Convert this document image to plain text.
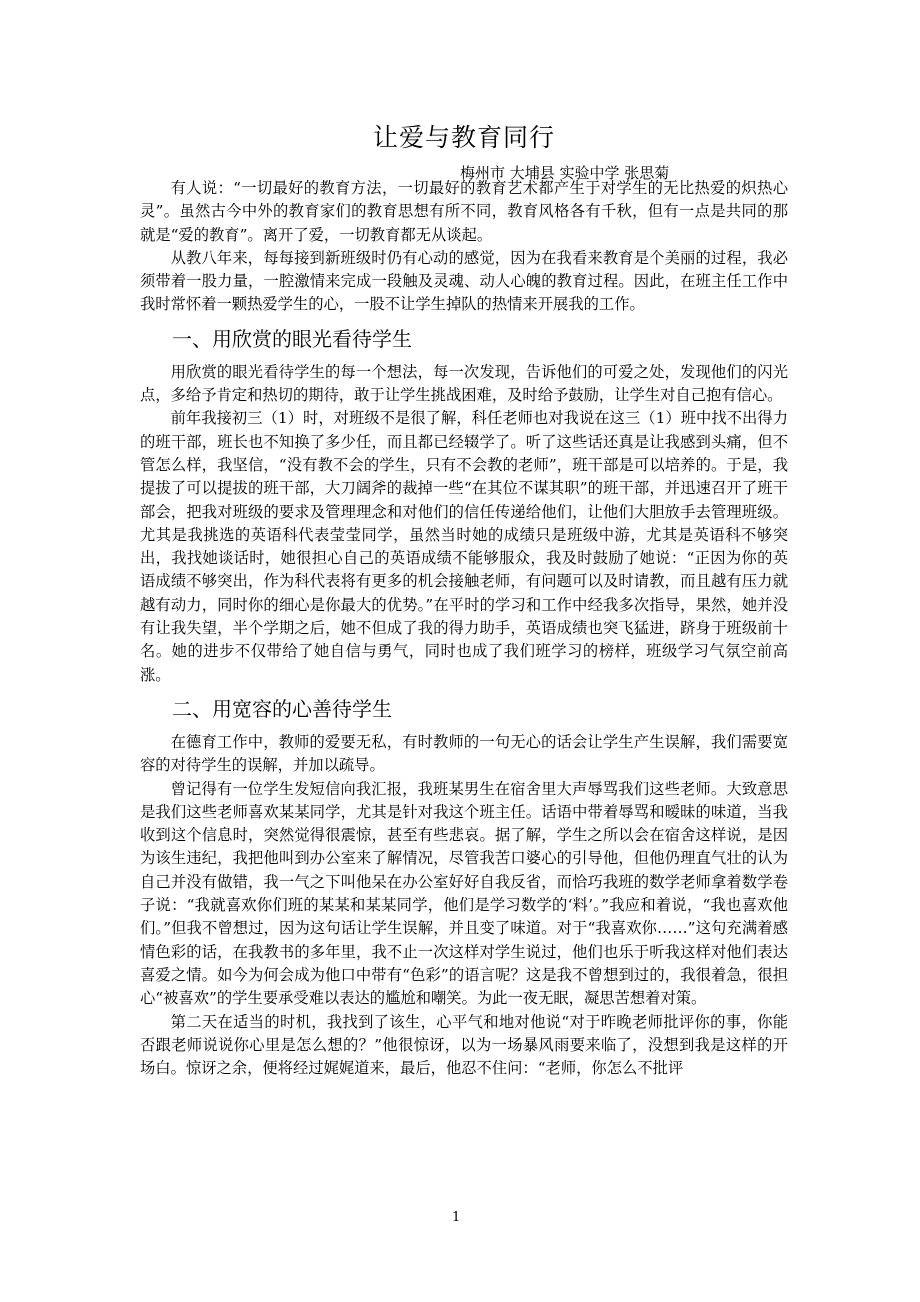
让爱与教育同行
梅州市 大埔县 实验中学 张思菊

有人说：“一切最好的教育方法，一切最好的教育艺术都产生于对学生的无比热爱的炽热心灵”。虽然古今中外的教育家们的教育思想有所不同，教育风格各有千秋，但有一点是共同的那就是“爱的教育”。离开了爱，一切教育都无从谈起。

从教八年来，每每接到新班级时仍有心动的感觉，因为在我看来教育是个美丽的过程，我必须带着一股力量，一腔激情来完成一段触及灵魂、动人心魄的教育过程。因此，在班主任工作中我时常怀着一颗热爱学生的心，一股不让学生掉队的热情来开展我的工作。

一、用欣赏的眼光看待学生

用欣赏的眼光看待学生的每一个想法，每一次发现，告诉他们的可爱之处，发现他们的闪光点，多给予肯定和热切的期待，敢于让学生挑战困难，及时给予鼓励，让学生对自己抱有信心。

前年我接初三（1）时，对班级不是很了解，科任老师也对我说在这三（1）班中找不出得力的班干部，班长也不知换了多少任，而且都已经辍学了。听了这些话还真是让我感到头痛，但不管怎么样，我坚信，“没有教不会的学生，只有不会教的老师”，班干部是可以培养的。于是，我提拔了可以提拔的班干部，大刀阔斧的裁掉一些“在其位不谋其职”的班干部，并迅速召开了班干部会，把我对班级的要求及管理理念和对他们的信任传递给他们，让他们大胆放手去管理班级。尤其是我挑选的英语科代表莹莹同学，虽然当时她的成绩只是班级中游，尤其是英语科不够突出，我找她谈话时，她很担心自己的英语成绩不能够服众，我及时鼓励了她说：“正因为你的英语成绩不够突出，作为科代表将有更多的机会接触老师，有问题可以及时请教，而且越有压力就越有动力，同时你的细心是你最大的优势。”在平时的学习和工作中经我多次指导，果然，她并没有让我失望，半个学期之后，她不但成了我的得力助手，英语成绩也突飞猛进，跻身于班级前十名。她的进步不仅带给了她自信与勇气，同时也成了我们班学习的榜样，班级学习气氛空前高涨。

二、用宽容的心善待学生

在德育工作中，教师的爱要无私，有时教师的一句无心的话会让学生产生误解，我们需要宽容的对待学生的误解，并加以疏导。

曾记得有一位学生发短信向我汇报，我班某男生在宿舍里大声辱骂我们这些老师。大致意思是我们这些老师喜欢某某同学，尤其是针对我这个班主任。话语中带着辱骂和暧昧的味道，当我收到这个信息时，突然觉得很震惊，甚至有些悲哀。据了解，学生之所以会在宿舍这样说，是因为该生违纪，我把他叫到办公室来了解情况，尽管我苦口婆心的引导他，但他仍理直气壮的认为自己并没有做错，我一气之下叫他呆在办公室好好自我反省，而恰巧我班的数学老师拿着数学卷子说：“我就喜欢你们班的某某和某某同学，他们是学习数学的‘料’。”我应和着说，“我也喜欢他们。”但我不曾想过，因为这句话让学生误解，并且变了味道。对于“我喜欢你……”这句充满着感情色彩的话，在我教书的多年里，我不止一次这样对学生说过，他们也乐于听我这样对他们表达喜爱之情。如今为何会成为他口中带有“色彩”的语言呢？这是我不曾想到过的，我很着急，很担心“被喜欢”的学生要承受难以表达的尴尬和嘲笑。为此一夜无眠，凝思苦想着对策。

第二天在适当的时机，我找到了该生，心平气和地对他说“对于昨晚老师批评你的事，你能否跟老师说说你心里是怎么想的？”他很惊讶，以为一场暴风雨要来临了，没想到我是这样的开场白。惊讶之余，便将经过娓娓道来，最后，他忍不住问：“老师，你怎么不批评

1
